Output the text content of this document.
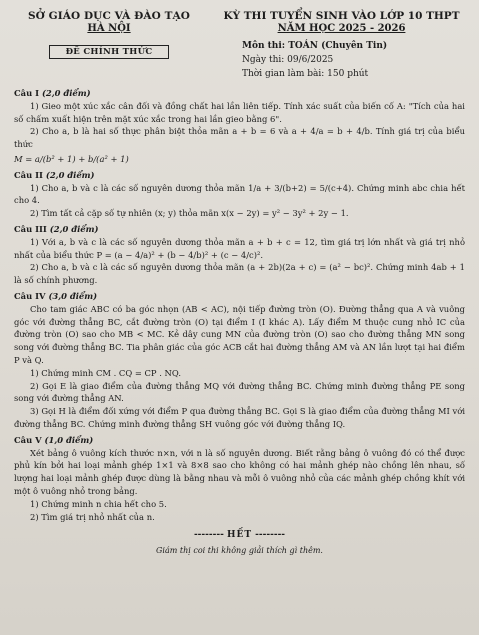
SỞ GIÁO DỤC VÀ ĐÀO TẠO
HÀ NỘI
ĐỀ CHÍNH THỨC
KỲ THI TUYỂN SINH VÀO LỚP 10 THPT
NĂM HỌC 2025 - 2026
Môn thi: TOÁN (Chuyên Tin)
Ngày thi: 09/6/2025
Thời gian làm bài: 150 phút
Câu I (2,0 điểm)
1) Gieo một xúc xắc cân đối và đồng chất hai lần liên tiếp. Tính xác suất của biến cố A: "Tích của hai số chấm xuất hiện trên mặt xúc xắc trong hai lần gieo bằng 6".
2) Cho a, b là hai số thực phân biệt thỏa mãn a + b = 6 và a + 4/a = b + 4/b. Tính giá trị của biểu thức
M = a/(b² + 1) + b/(a² + 1)
Câu II (2,0 điểm)
1) Cho a, b và c là các số nguyên dương thỏa mãn 1/a + 3/(b+2) = 5/(c+4). Chứng minh abc chia hết cho 4.
2) Tìm tất cả cặp số tự nhiên (x; y) thỏa mãn x(x − 2y) = y² − 3y² + 2y − 1.
Câu III (2,0 điểm)
1) Với a, b và c là các số nguyên dương thỏa mãn a + b + c = 12, tìm giá trị lớn nhất và giá trị nhỏ nhất của biểu thức P = (a − 4/a)² + (b − 4/b)² + (c − 4/c)².
2) Cho a, b và c là các số nguyên dương thỏa mãn (a + 2b)(2a + c) = (a² − bc)². Chứng minh 4ab + 1 là số chính phương.
Câu IV (3,0 điểm)
Cho tam giác ABC có ba góc nhọn (AB < AC), nội tiếp đường tròn (O). Đường thẳng qua A và vuông góc với đường thẳng BC, cắt đường tròn (O) tại điểm I (I khác A). Lấy điểm M thuộc cung nhỏ IC của đường tròn (O) sao cho MB < MC. Kẻ dây cung MN của đường tròn (O) sao cho đường thẳng MN song song với đường thẳng BC. Tia phân giác của góc ACB cắt hai đường thẳng AM và AN lần lượt tại hai điểm P và Q.
1) Chứng minh CM . CQ = CP . NQ.
2) Gọi E là giao điểm của đường thẳng MQ với đường thẳng BC. Chứng minh đường thẳng PE song song với đường thẳng AN.
3) Gọi H là điểm đối xứng với điểm P qua đường thẳng BC. Gọi S là giao điểm của đường thẳng MI với đường thẳng BC. Chứng minh đường thẳng SH vuông góc với đường thẳng IQ.
Câu V (1,0 điểm)
Xét bảng ô vuông kích thước n×n, với n là số nguyên dương. Biết rằng bảng ô vuông đó có thể được phủ kín bởi hai loại mảnh ghép 1×1 và 8×8 sao cho không có hai mảnh ghép nào chồng lên nhau, số lượng hai loại mảnh ghép được dùng là bằng nhau và mỗi ô vuông nhỏ của các mảnh ghép chồng khít với một ô vuông nhỏ trong bảng.
1) Chứng minh n chia hết cho 5.
2) Tìm giá trị nhỏ nhất của n.
-------- HẾT --------
Giám thị coi thi không giải thích gì thêm.
